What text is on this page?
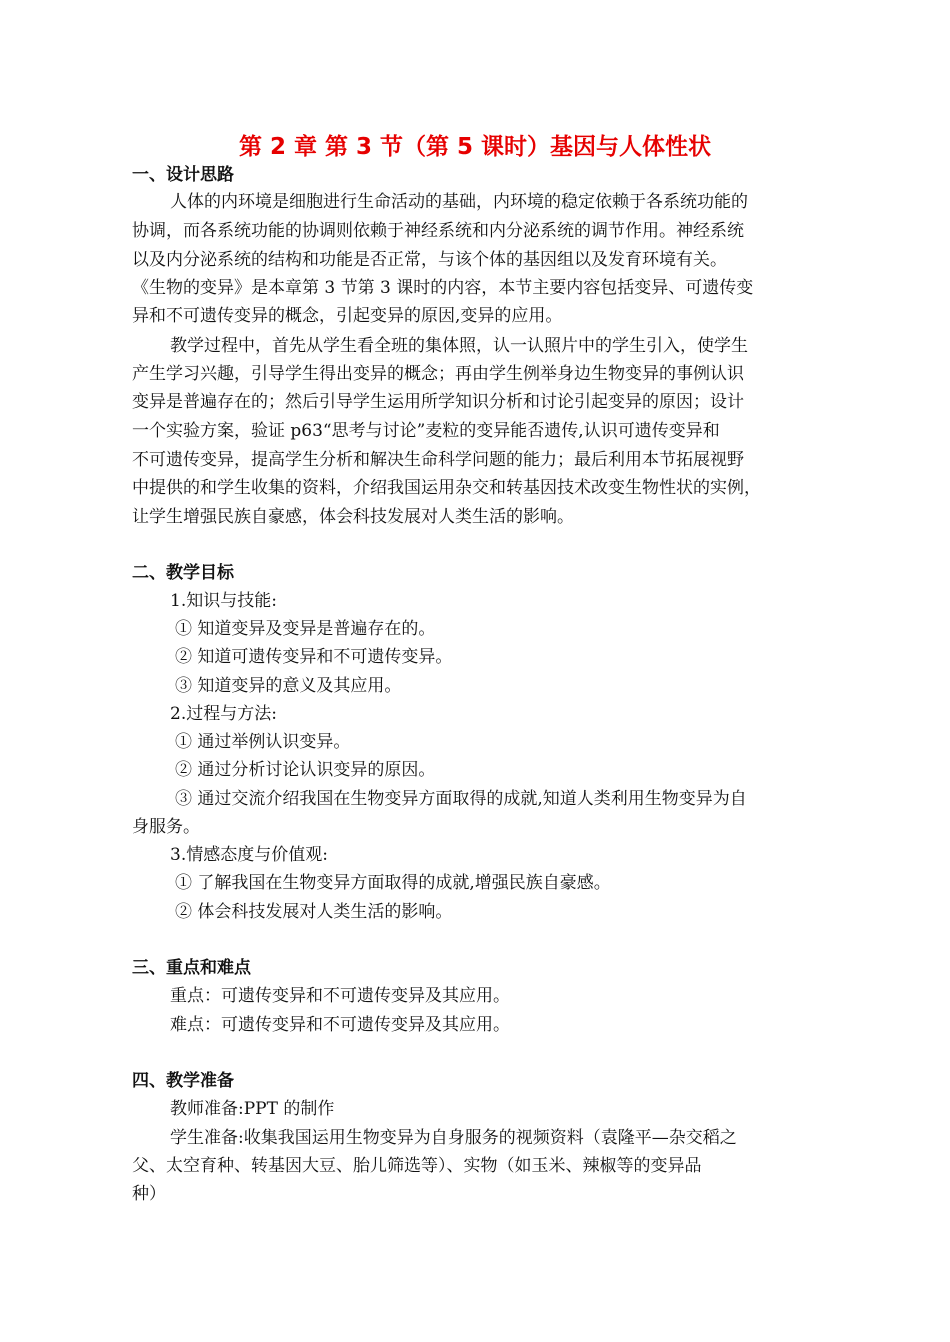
第 2 章 第 3 节（第 5 课时）基因与人体性状
一、设计思路
人体的内环境是细胞进行生命活动的基础，内环境的稳定依赖于各系统功能的
协调，而各系统功能的协调则依赖于神经系统和内分泌系统的调节作用。神经系统
以及内分泌系统的结构和功能是否正常，与该个体的基因组以及发育环境有关。
《生物的变异》是本章第 3 节第 3 课时的内容，本节主要内容包括变异、可遗传变
异和不可遗传变异的概念，引起变异的原因,变异的应用。
教学过程中，首先从学生看全班的集体照，认一认照片中的学生引入，使学生
产生学习兴趣，引导学生得出变异的概念；再由学生例举身边生物变异的事例认识
变异是普遍存在的；然后引导学生运用所学知识分析和讨论引起变异的原因；设计
一个实验方案，验证 p63“思考与讨论”麦粒的变异能否遗传,认识可遗传变异和
不可遗传变异，提高学生分析和解决生命科学问题的能力；最后利用本节拓展视野
中提供的和学生收集的资料，介绍我国运用杂交和转基因技术改变生物性状的实例，
让学生增强民族自豪感，体会科技发展对人类生活的影响。
二、教学目标
1.知识与技能:
① 知道变异及变异是普遍存在的。
② 知道可遗传变异和不可遗传变异。
③ 知道变异的意义及其应用。
2.过程与方法:
① 通过举例认识变异。
② 通过分析讨论认识变异的原因。
③ 通过交流介绍我国在生物变异方面取得的成就,知道人类利用生物变异为自
身服务。
3.情感态度与价值观:
① 了解我国在生物变异方面取得的成就,增强民族自豪感。
② 体会科技发展对人类生活的影响。
三、重点和难点
重点：可遗传变异和不可遗传变异及其应用。
难点：可遗传变异和不可遗传变异及其应用。
四、教学准备
教师准备:PPT 的制作
学生准备:收集我国运用生物变异为自身服务的视频资料（袁隆平—杂交稻之
父、太空育种、转基因大豆、胎儿筛选等）、实物（如玉米、辣椒等的变异品
种）
